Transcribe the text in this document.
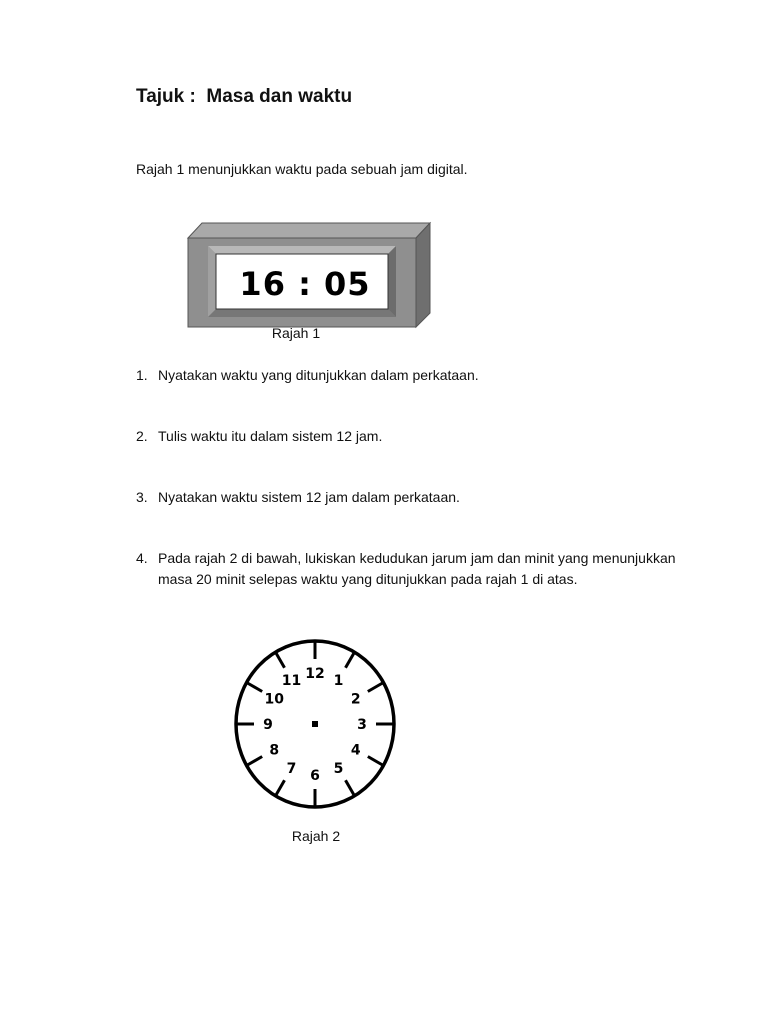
Tajuk :  Masa dan waktu
Rajah 1 menunjukkan waktu pada sebuah jam digital.
16 : 05
Rajah 1
1. Nyatakan waktu yang ditunjukkan dalam perkataan.
2. Tulis waktu itu dalam sistem 12 jam.
3. Nyatakan waktu sistem 12 jam dalam perkataan.
4. Pada rajah 2 di bawah, lukiskan kedudukan jarum jam dan minit yang menunjukkan masa 20 minit selepas waktu yang ditunjukkan pada rajah 1 di atas.
12 1
2
3
4
5
6
7
8
9
10
11
Rajah 2
